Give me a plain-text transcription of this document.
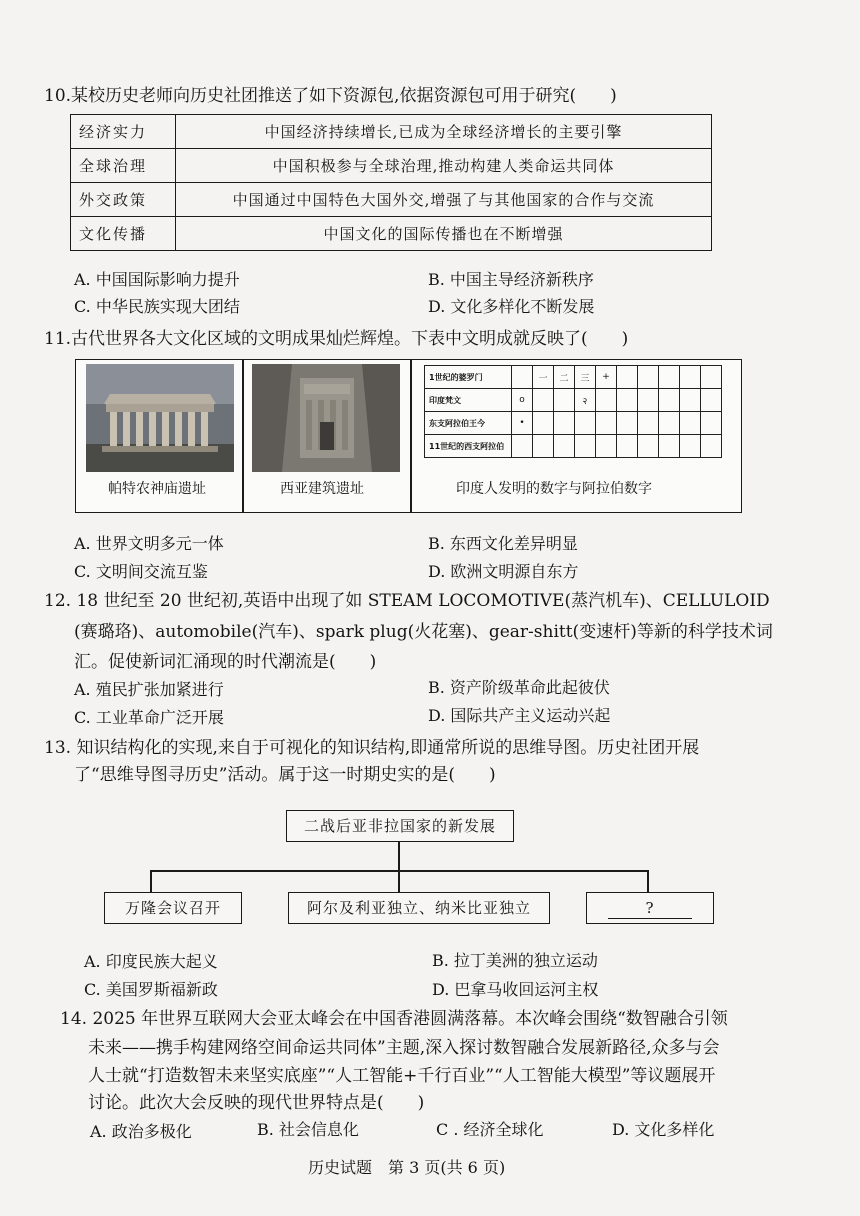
10.某校历史老师向历史社团推送了如下资源包,依据资源包可用于研究(　　)
经济实力	中国经济持续增长,已成为全球经济增长的主要引擎
全球治理	中国积极参与全球治理,推动构建人类命运共同体
外交政策	中国通过中国特色大国外交,增强了与其他国家的合作与交流
文化传播	中国文化的国际传播也在不断增强
A. 中国国际影响力提升	B. 中国主导经济新秩序
C. 中华民族实现大团结	D. 文化多样化不断发展
11.古代世界各大文化区域的文明成果灿烂辉煌。下表中文明成就反映了(　　)
帕特农神庙遗址	西亚建筑遗址
1世纪的婆罗门		一	二	三	+					
印度梵文	o			२						
东支阿拉伯王今	•									
11世纪的西支阿拉伯										
印度人发明的数字与阿拉伯数字
A. 世界文明多元一体	B. 东西文化差异明显
C. 文明间交流互鉴	D. 欧洲文明源自东方
12. 18 世纪至 20 世纪初,英语中出现了如 STEAM LOCOMOTIVE(蒸汽机车)、CELLULOID
(赛璐珞)、automobile(汽车)、spark plug(火花塞)、gear-shitt(变速杆)等新的科学技术词
汇。促使新词汇涌现的时代潮流是(　　)
A. 殖民扩张加紧进行	B. 资产阶级革命此起彼伏
C. 工业革命广泛开展	D. 国际共产主义运动兴起
13. 知识结构化的实现,来自于可视化的知识结构,即通常所说的思维导图。历史社团开展
了“思维导图寻历史”活动。属于这一时期史实的是(　　)
二战后亚非拉国家的新发展
万隆会议召开	阿尔及利亚独立、纳米比亚独立	?
A. 印度民族大起义	B. 拉丁美洲的独立运动
C. 美国罗斯福新政	D. 巴拿马收回运河主权
14. 2025 年世界互联网大会亚太峰会在中国香港圆满落幕。本次峰会围绕“数智融合引领
未来——携手构建网络空间命运共同体”主题,深入探讨数智融合发展新路径,众多与会
人士就“打造数智未来坚实底座”“人工智能+千行百业”“人工智能大模型”等议题展开
讨论。此次大会反映的现代世界特点是(　　)
A. 政治多极化	B. 社会信息化	C . 经济全球化	D. 文化多样化
历史试题　第 3 页(共 6 页)
